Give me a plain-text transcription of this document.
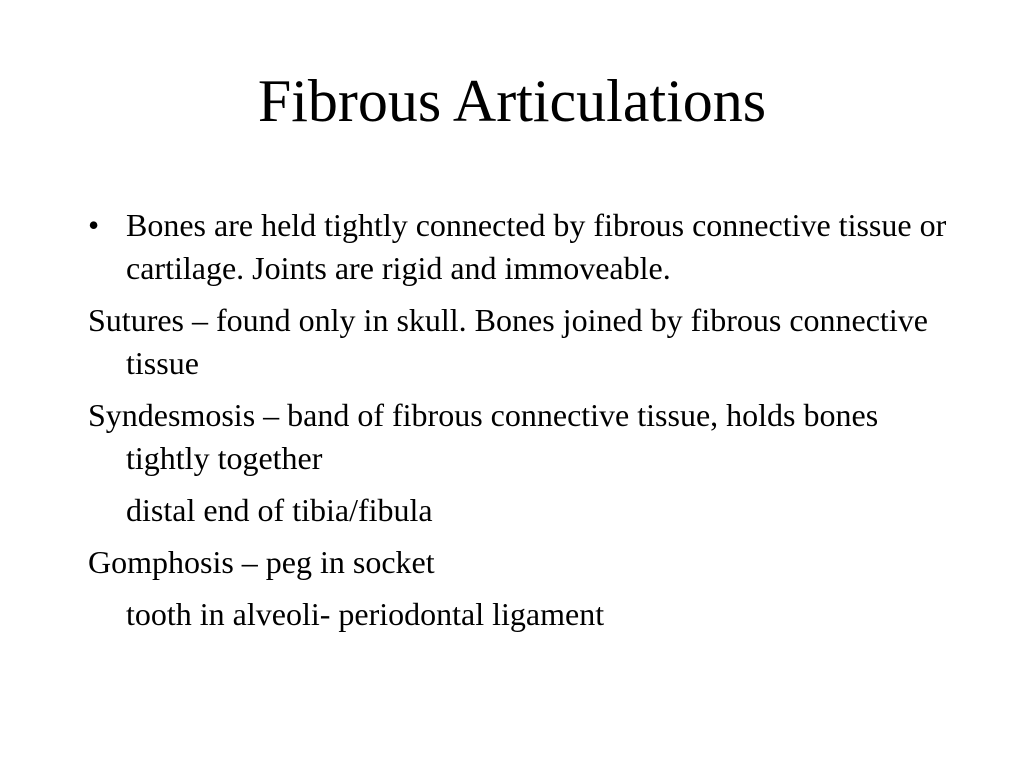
Fibrous Articulations

• Bones are held tightly connected by fibrous connective tissue or cartilage. Joints are rigid and immoveable.

Sutures – found only in skull. Bones joined by fibrous connective tissue

Syndesmosis – band of fibrous connective tissue, holds bones tightly together

distal end of tibia/fibula

Gomphosis – peg in socket

tooth in alveoli- periodontal ligament
